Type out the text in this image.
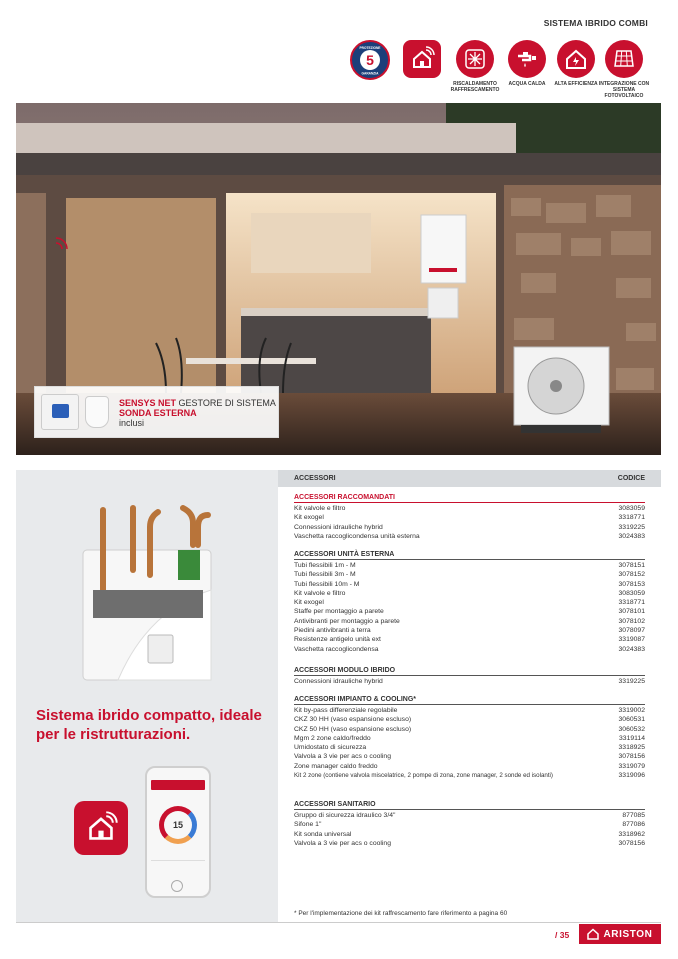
SISTEMA IBRIDO COMBI
PROTEZIONE
GARANZIA
5
RISCALDAMENTO RAFFRESCAMENTO
ACQUA CALDA	ALTA EFFICIENZA INTEGRAZIONE CON SISTEMA FOTOVOLTAICO
SENSYS NET GESTORE DI SISTEMA
SONDA ESTERNA
inclusi
Sistema ibrido compatto, ideale per le ristrutturazioni.
15
ACCESSORI	CODICE
ACCESSORI RACCOMANDATI
Kit valvole e filtro	3083059
Kit exogel	3318771
Connessioni idrauliche hybrid	3319225
Vaschetta raccoglicondensa unità esterna	3024383
ACCESSORI UNITÀ ESTERNA
Tubi flessibili 1m - M	3078151
Tubi flessibili 3m - M	3078152
Tubi flessibili 10m - M	3078153
Kit valvole e filtro	3083059
Kit exogel	3318771
Staffe per montaggio a parete	3078101
Antivibranti per montaggio a parete	3078102
Piedini antivibranti a terra	3078097
Resistenze antigelo unità ext	3319087
Vaschetta raccoglicondensa	3024383
ACCESSORI MODULO IBRIDO
Connessioni idrauliche hybrid	3319225
ACCESSORI IMPIANTO & COOLING*
Kit by-pass differenziale regolabile	3319002
CKZ 30 HH (vaso espansione escluso)	3060531
CKZ 50 HH (vaso espansione escluso)	3060532
Mgm 2 zone caldo/freddo	3319114
Umidostato di sicurezza	3318925
Valvola a 3 vie per acs o cooling	3078156
Zone manager caldo freddo	3319079
Kit 2 zone (contiene valvola miscelatrice, 2 pompe di zona, zone manager, 2 sonde ed isolanti)	3319096
ACCESSORI SANITARIO
Gruppo di sicurezza idraulico 3/4"	877085
Sifone 1"	877086
Kit sonda universal	3318962
Valvola a 3 vie per acs o cooling	3078156
* Per l'implementazione dei kit raffrescamento fare riferimento a pagina 60
/ 35	ARISTON
